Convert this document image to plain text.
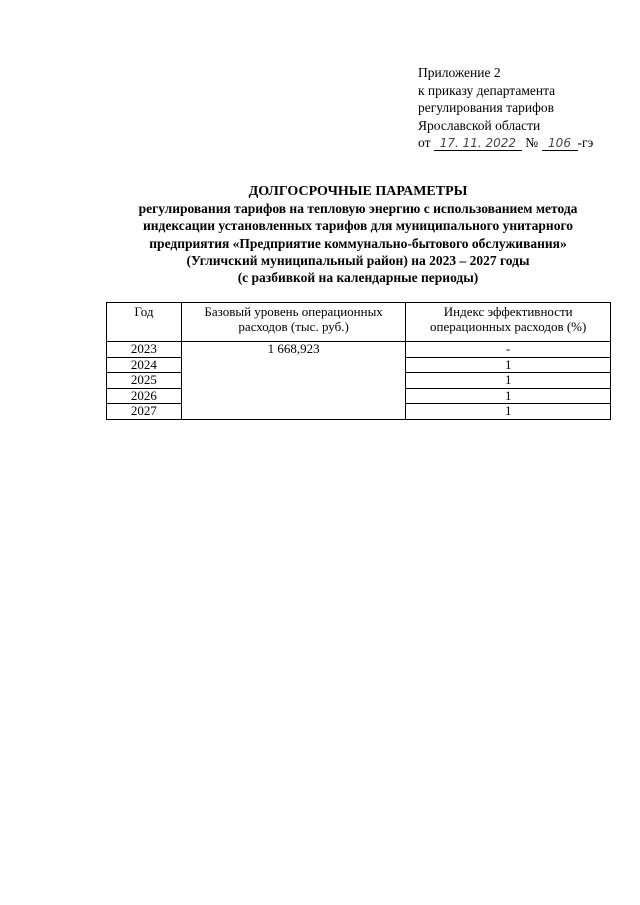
Приложение 2
к приказу департамента
регулирования тарифов
Ярославской области
от 17. 11. 2022 № 106 -гэ
ДОЛГОСРОЧНЫЕ ПАРАМЕТРЫ
регулирования тарифов на тепловую энергию с использованием метода
индексации установленных тарифов для муниципального унитарного
предприятия «Предприятие коммунально-бытового обслуживания»
(Угличский муниципальный район) на 2023 – 2027 годы
(с разбивкой на календарные периоды)
Год	Базовый уровень операционных расходов (тыс. руб.)	Индекс эффективности операционных расходов (%)
2023	1 668,923	-
2024		1
2025		1
2026		1
2027		1
